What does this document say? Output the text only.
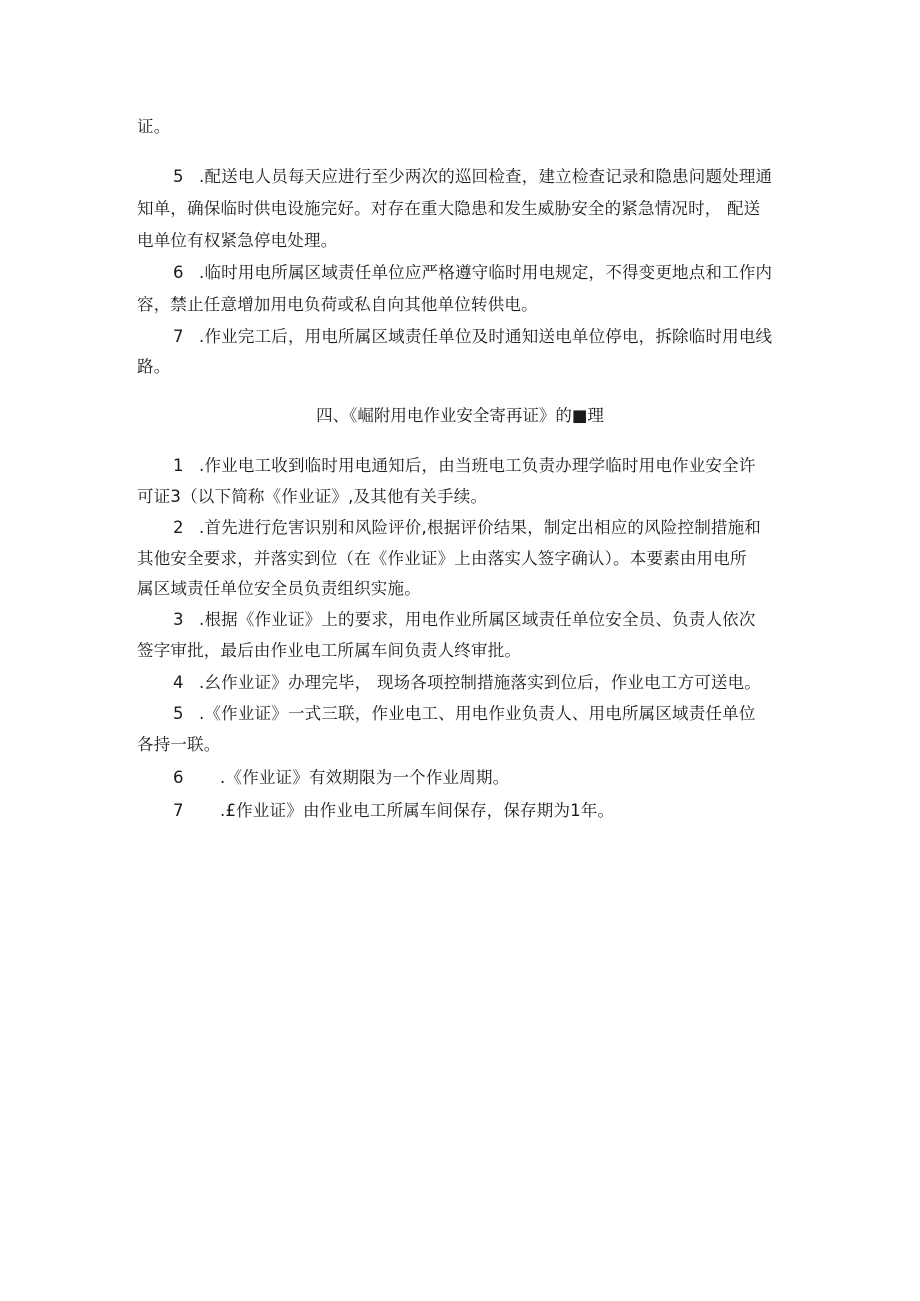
证。
5 .配送电人员每天应进行至少两次的巡回检查，建立检查记录和隐患问题处理通
知单，确保临时供电设施完好。对存在重大隐患和发生威胁安全的紧急情况时， 配送
电单位有权紧急停电处理。
6 .临时用电所属区域责任单位应严格遵守临时用电规定，不得变更地点和工作内
容，禁止任意增加用电负荷或私自向其他单位转供电。
7 .作业完工后，用电所属区域责任单位及时通知送电单位停电，拆除临时用电线
路。
四、《崛附用电作业安全寄再证》的■理
1 .作业电工收到临时用电通知后，由当班电工负责办理学临时用电作业安全许
可证3（以下简称《作业证》,及其他有关手续。
2 .首先进行危害识别和风险评价,根据评价结果，制定出相应的风险控制措施和
其他安全要求，并落实到位（在《作业证》上由落实人签字确认）。本要素由用电所
属区域责任单位安全员负责组织实施。
3 .根据《作业证》上的要求，用电作业所属区域责任单位安全员、负责人依次
签字审批，最后由作业电工所属车间负责人终审批。
4 .幺作业证》办理完毕， 现场各项控制措施落实到位后，作业电工方可送电。
5 .《作业证》一式三联，作业电工、用电作业负责人、用电所属区域责任单位
各持一联。
6 .《作业证》有效期限为一个作业周期。
7 .£作业证》由作业电工所属车间保存，保存期为1年。
